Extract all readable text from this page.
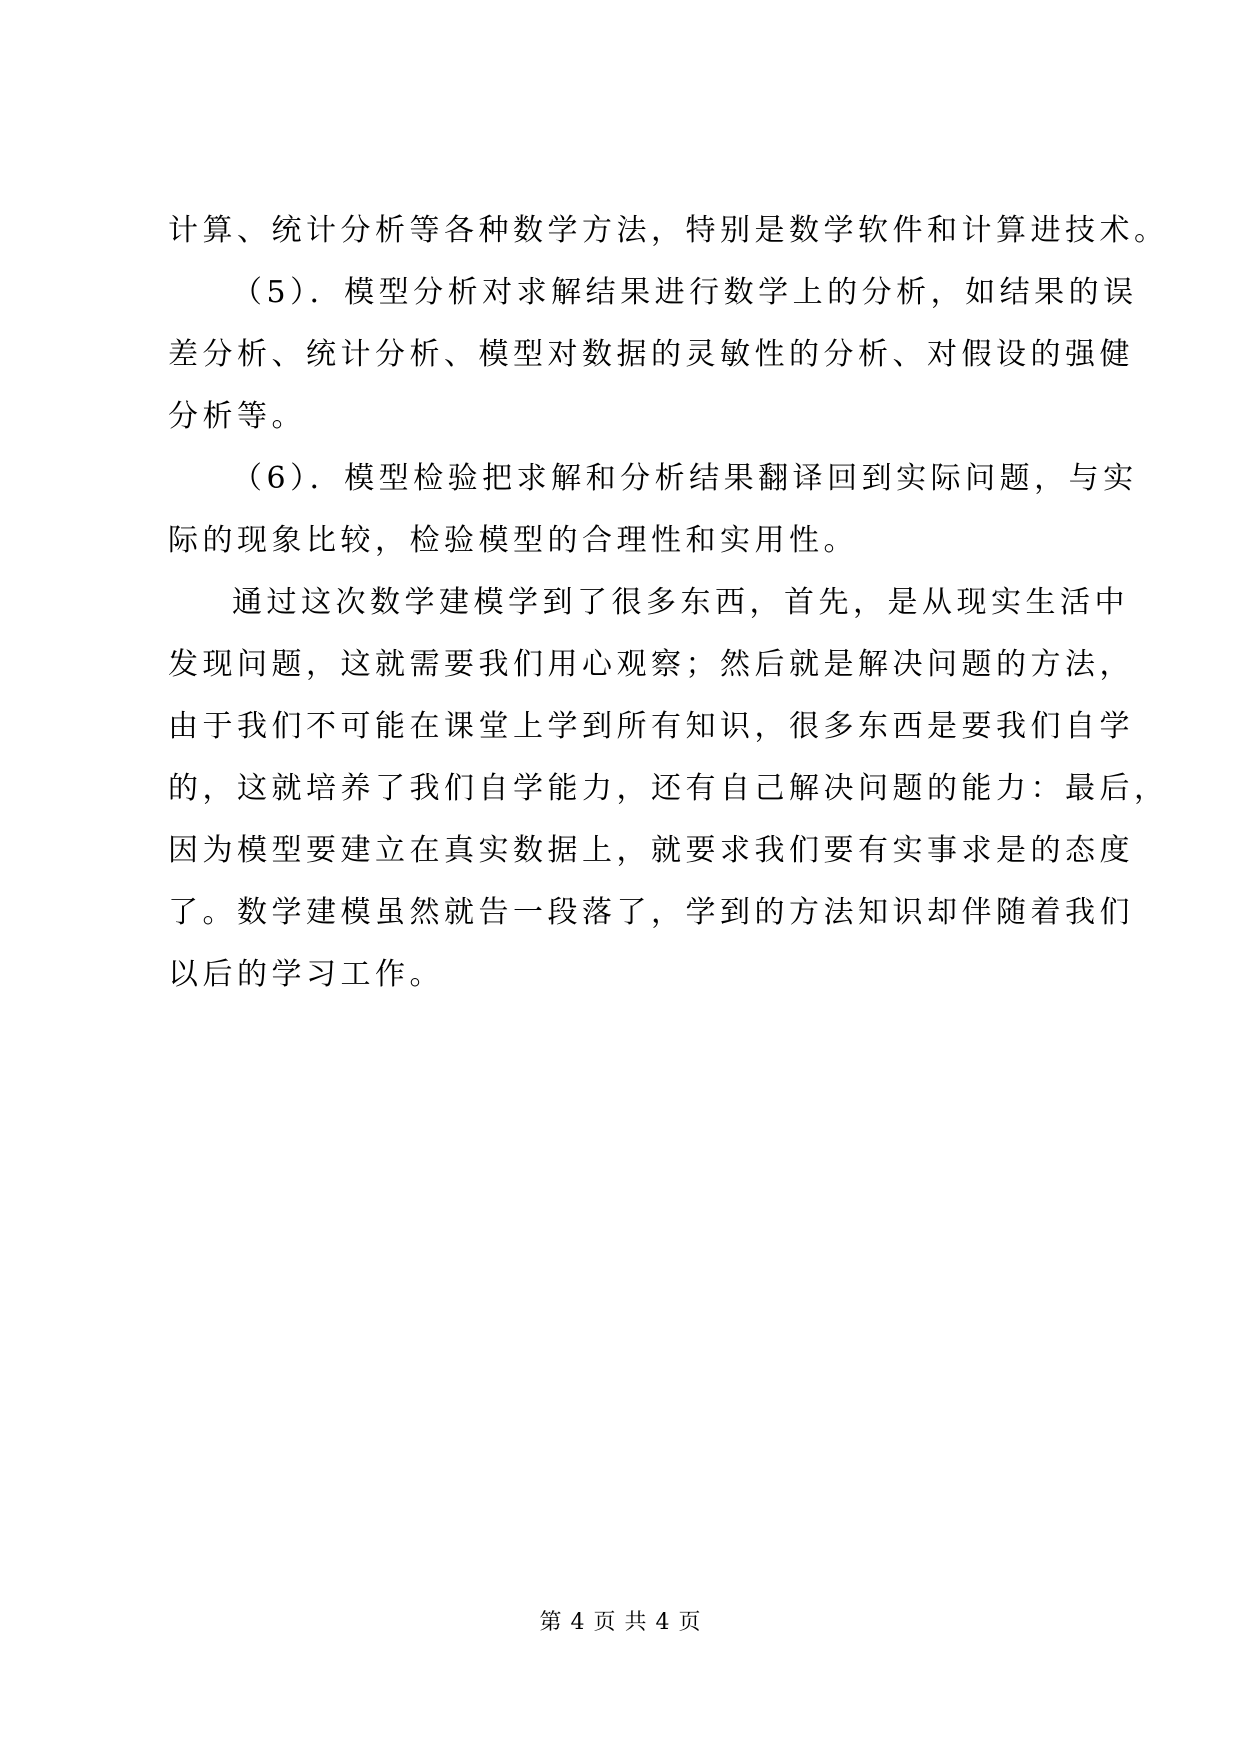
计算、统计分析等各种数学方法，特别是数学软件和计算进技术。
（5）．模型分析对求解结果进行数学上的分析，如结果的误
差分析、统计分析、模型对数据的灵敏性的分析、对假设的强健
分析等。
（6）．模型检验把求解和分析结果翻译回到实际问题，与实
际的现象比较，检验模型的合理性和实用性。
通过这次数学建模学到了很多东西，首先，是从现实生活中
发现问题，这就需要我们用心观察；然后就是解决问题的方法，
由于我们不可能在课堂上学到所有知识，很多东西是要我们自学
的，这就培养了我们自学能力，还有自己解决问题的能力：最后，
因为模型要建立在真实数据上，就要求我们要有实事求是的态度
了。数学建模虽然就告一段落了，学到的方法知识却伴随着我们
以后的学习工作。
第 4 页 共 4 页
